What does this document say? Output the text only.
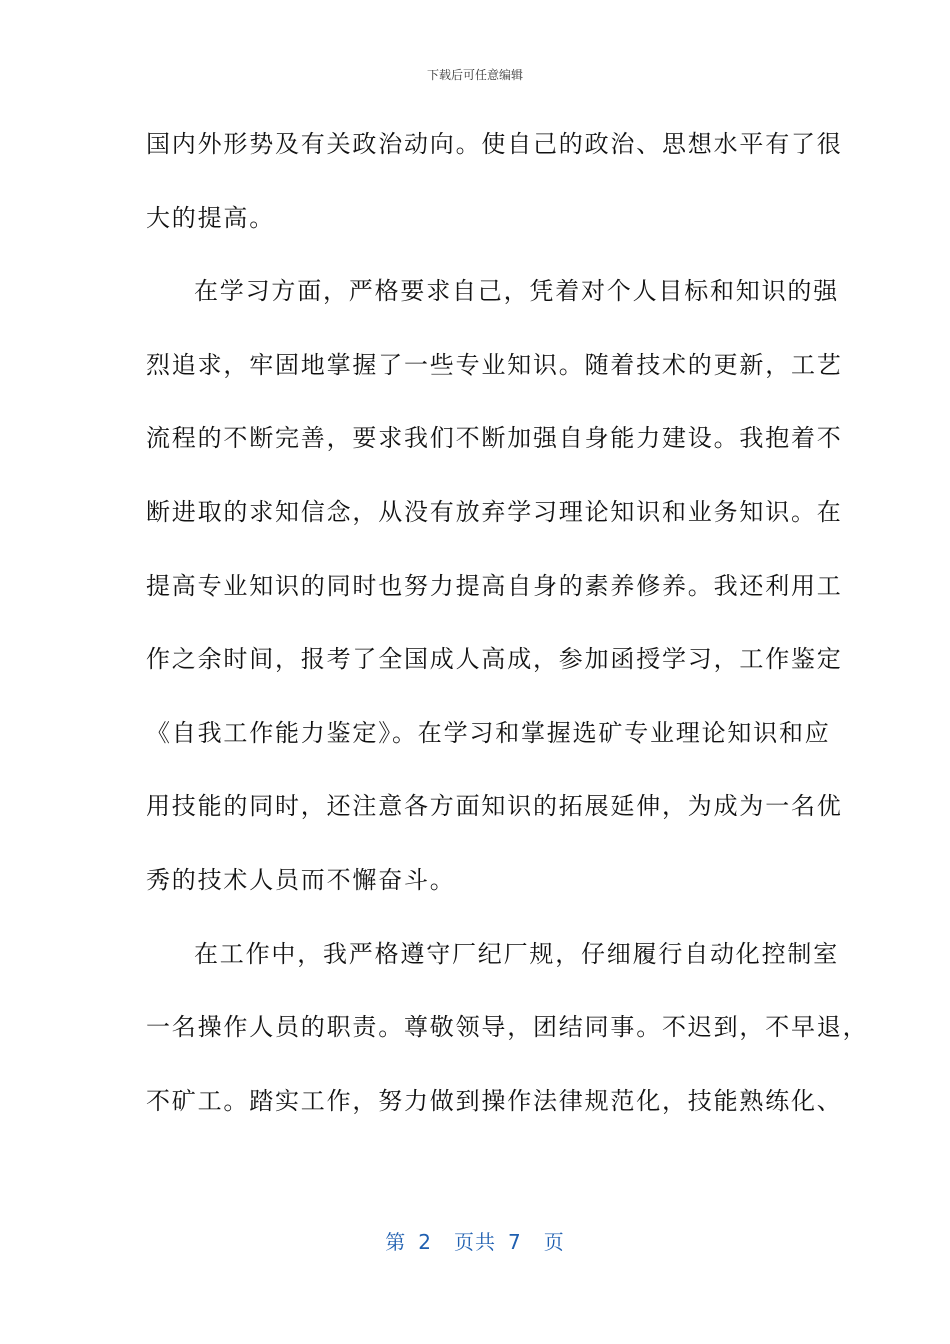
下载后可任意编辑
国内外形势及有关政治动向。使自己的政治、思想水平有了很
大的提高。
在学习方面，严格要求自己，凭着对个人目标和知识的强
烈追求，牢固地掌握了一些专业知识。随着技术的更新，工艺
流程的不断完善，要求我们不断加强自身能力建设。我抱着不
断进取的求知信念，从没有放弃学习理论知识和业务知识。在
提高专业知识的同时也努力提高自身的素养修养。我还利用工
作之余时间，报考了全国成人高成，参加函授学习，工作鉴定
《自我工作能力鉴定》。在学习和掌握选矿专业理论知识和应
用技能的同时，还注意各方面知识的拓展延伸，为成为一名优
秀的技术人员而不懈奋斗。
在工作中，我严格遵守厂纪厂规，仔细履行自动化控制室
一名操作人员的职责。尊敬领导，团结同事。不迟到，不早退，
不矿工。踏实工作，努力做到操作法律规范化，技能熟练化、
第 2 页共 7 页
